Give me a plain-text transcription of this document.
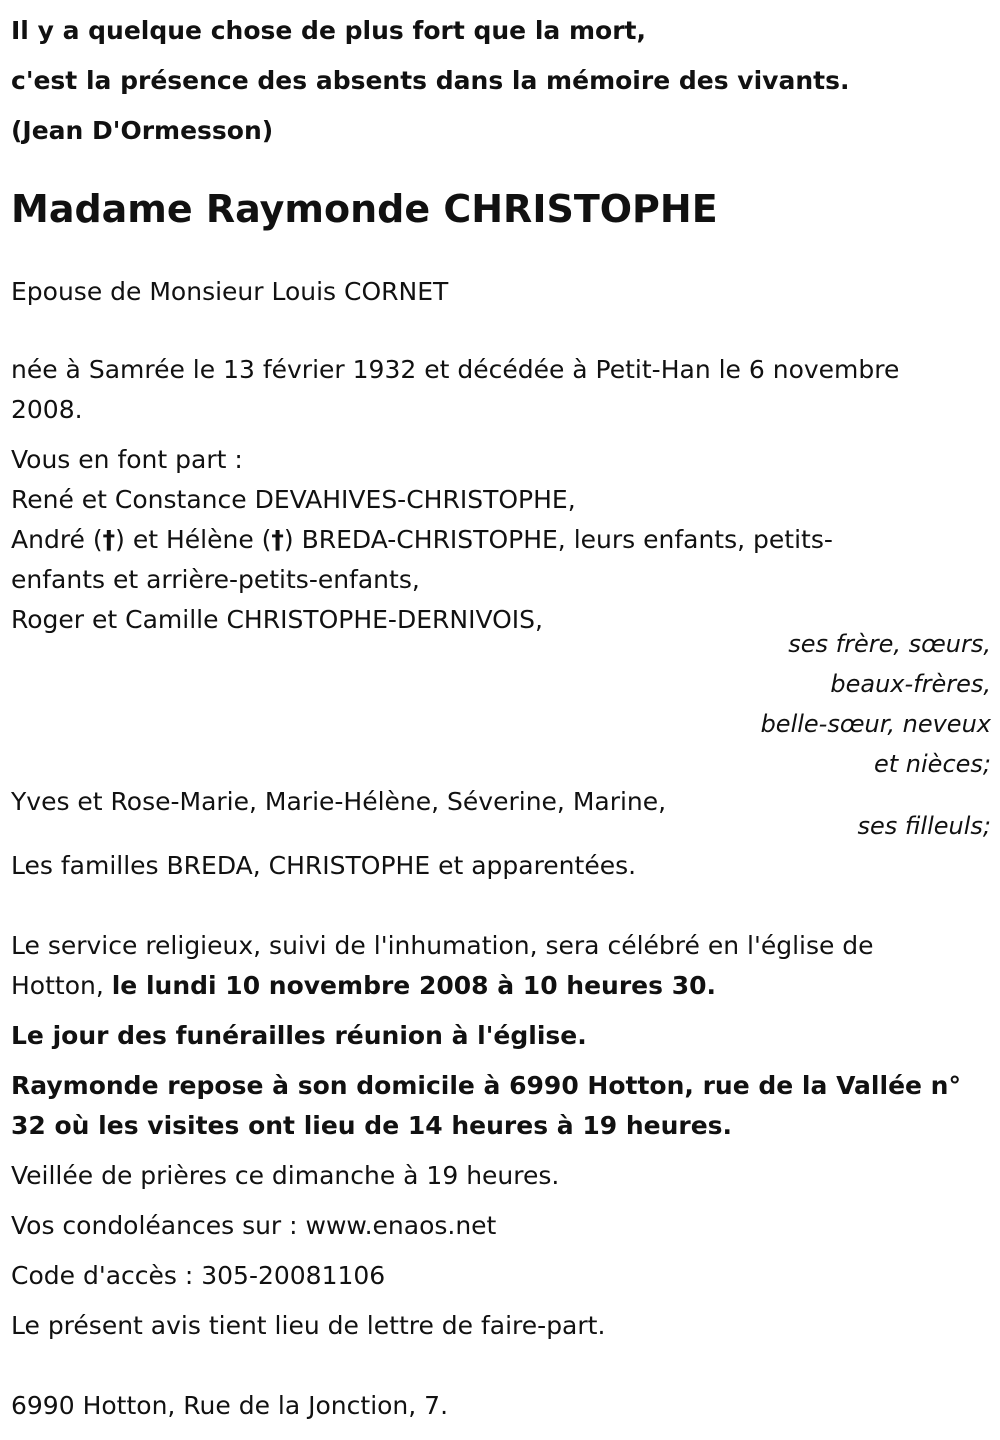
Il y a quelque chose de plus fort que la mort,

c'est la présence des absents dans la mémoire des vivants.

(Jean D'Ormesson)

Madame Raymonde CHRISTOPHE

Epouse de Monsieur Louis CORNET

née à Samrée le 13 février 1932 et décédée à Petit-Han le 6 novembre 2008.

Vous en font part :

René et Constance DEVAHIVES-CHRISTOPHE,

André (†) et Hélène (†) BREDA-CHRISTOPHE, leurs enfants, petits-enfants et arrière-petits-enfants,

Roger et Camille CHRISTOPHE-DERNIVOIS,

ses frère, sœurs,

beaux-frères,

belle-sœur, neveux

et nièces;

Yves et Rose-Marie, Marie-Hélène, Séverine, Marine,

ses filleuls;

Les familles BREDA, CHRISTOPHE et apparentées.

Le service religieux, suivi de l'inhumation, sera célébré en l'église de Hotton, le lundi 10 novembre 2008 à 10 heures 30.

Le jour des funérailles réunion à l'église.

Raymonde repose à son domicile à 6990 Hotton, rue de la Vallée n° 32 où les visites ont lieu de 14 heures à 19 heures.

Veillée de prières ce dimanche à 19 heures.

Vos condoléances sur : www.enaos.net

Code d'accès : 305-20081106

Le présent avis tient lieu de lettre de faire-part.

6990 Hotton, Rue de la Jonction, 7.
